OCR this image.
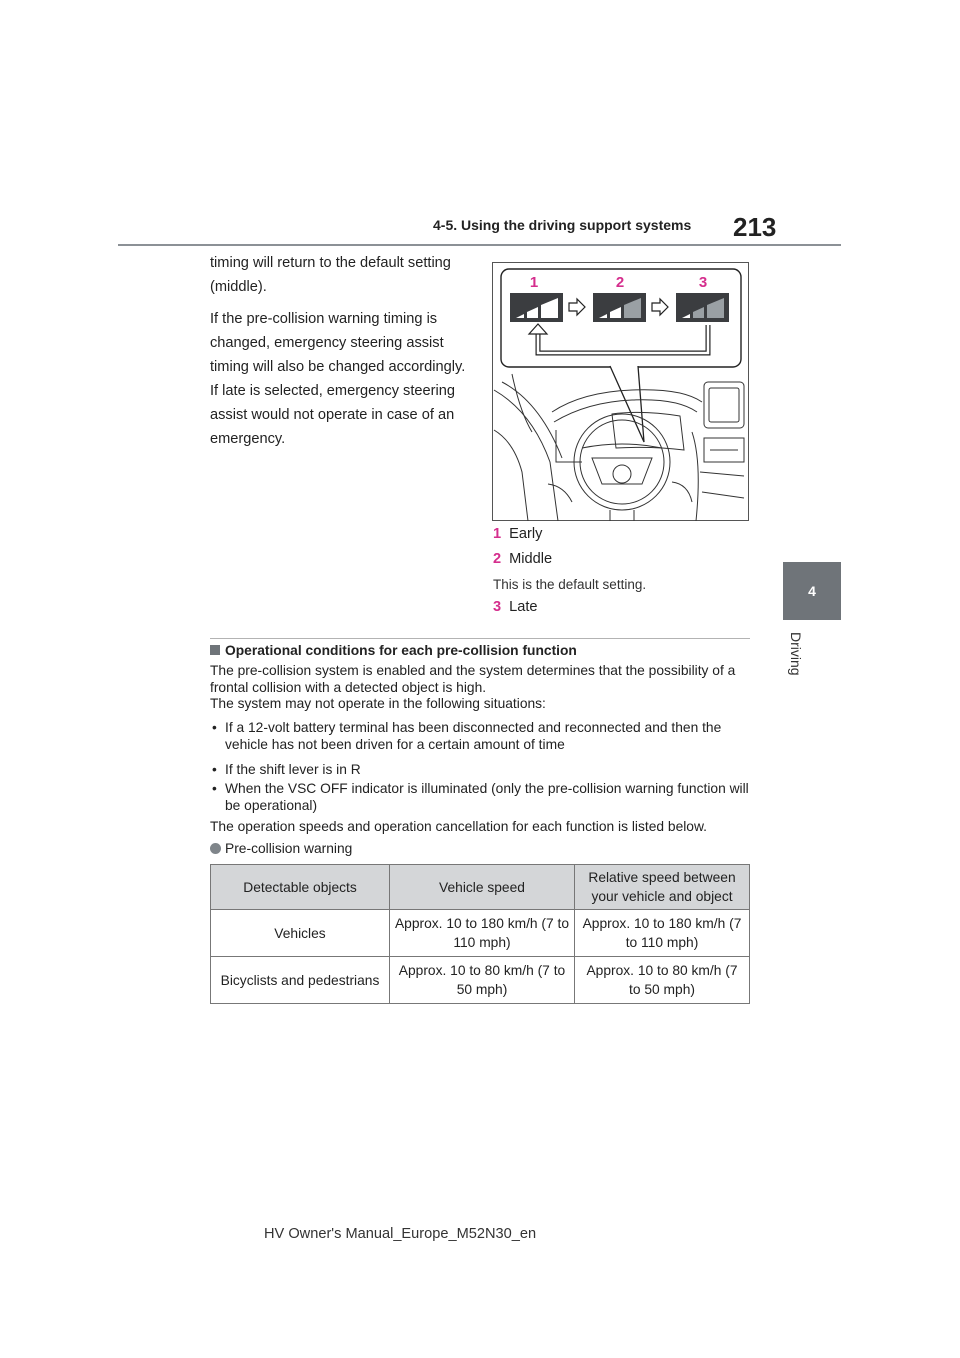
4-5. Using the driving support systems 213
4
Driving

timing will return to the default setting (middle).

If the pre-collision warning timing is changed, emergency steering assist timing will also be changed accordingly. If late is selected, emergency steering assist would not operate in case of an emergency.

1	2	3
1 Early
2 Middle
This is the default setting.
3 Late
Operational conditions for each pre-collision function
The pre-collision system is enabled and the system determines that the possibility of a frontal collision with a detected object is high.
The system may not operate in the following situations:
• If a 12-volt battery terminal has been disconnected and reconnected and then the vehicle has not been driven for a certain amount of time
• If the shift lever is in R
• When the VSC OFF indicator is illuminated (only the pre-collision warning function will be operational)
The operation speeds and operation cancellation for each function is listed below.
Pre-collision warning
Detectable objects	Vehicle speed	Relative speed between your vehicle and object
Vehicles	Approx. 10 to 180 km/h (7 to 110 mph)	Approx. 10 to 180 km/h (7 to 110 mph)
Bicyclists and pedestrians	Approx. 10 to 80 km/h (7 to 50 mph)	Approx. 10 to 80 km/h (7 to 50 mph)
HV Owner's Manual_Europe_M52N30_en
